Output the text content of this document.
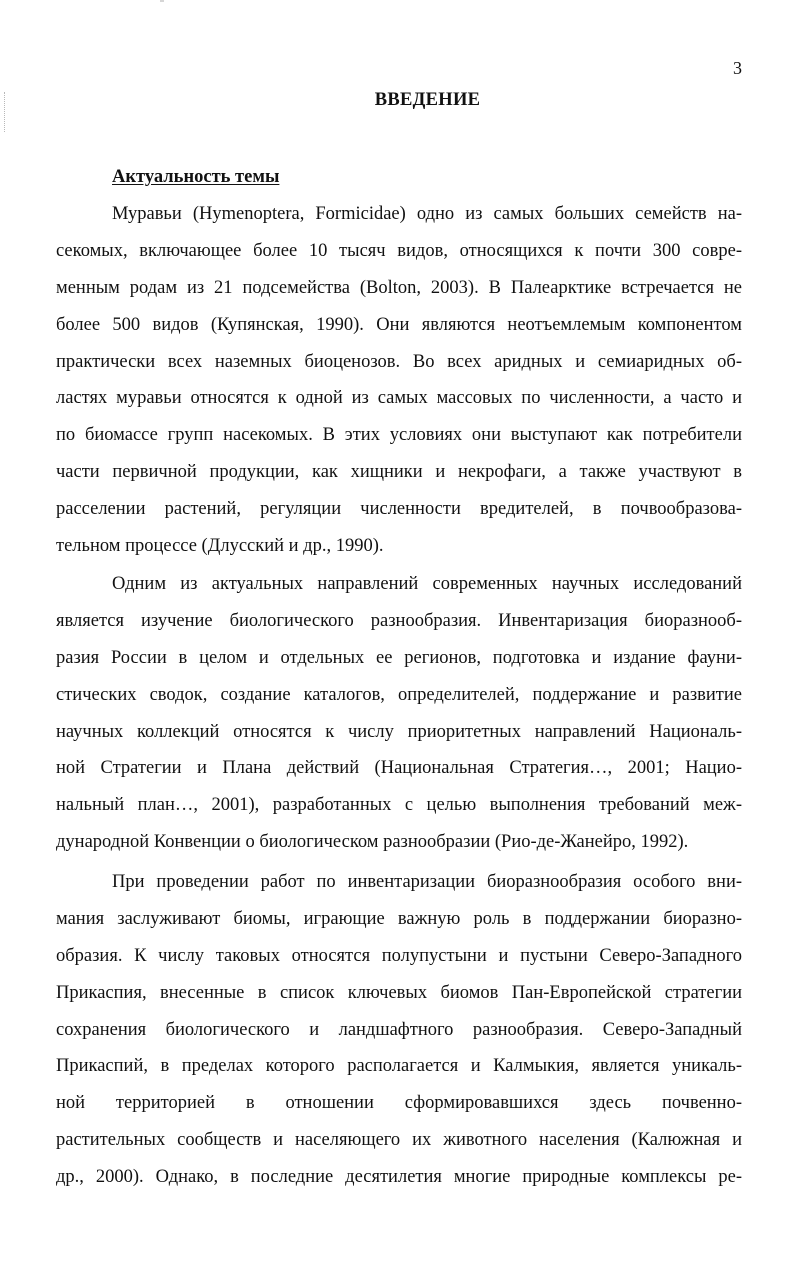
3
ВВЕДЕНИЕ
Актуальность темы
Муравьи (Hymenoptera, Formicidae) одно из самых больших семейств на-
секомых, включающее более 10 тысяч видов, относящихся к почти 300 совре-
менным родам из 21 подсемейства (Bolton, 2003). В Палеарктике встречается не
более 500 видов (Купянская, 1990). Они являются неотъемлемым компонентом
практически всех наземных биоценозов. Во всех аридных и семиаридных об-
ластях муравьи относятся к одной из самых массовых по численности, а часто и
по биомассе групп насекомых. В этих условиях они выступают как потребители
части первичной продукции, как хищники и некрофаги, а также участвуют в
расселении растений, регуляции численности вредителей, в почвообразова-
тельном процессе (Длусский и др., 1990).
Одним из актуальных направлений современных научных исследований
является изучение биологического разнообразия. Инвентаризация биоразнооб-
разия России в целом и отдельных ее регионов, подготовка и издание фауни-
стических сводок, создание каталогов, определителей, поддержание и развитие
научных коллекций относятся к числу приоритетных направлений Националь-
ной Стратегии и Плана действий (Национальная Стратегия…, 2001; Нацио-
нальный план…, 2001), разработанных с целью выполнения требований меж-
дународной Конвенции о биологическом разнообразии (Рио-де-Жанейро, 1992).
При проведении работ по инвентаризации биоразнообразия особого вни-
мания заслуживают биомы, играющие важную роль в поддержании биоразно-
образия. К числу таковых относятся полупустыни и пустыни Северо-Западного
Прикаспия, внесенные в список ключевых биомов Пан-Европейской стратегии
сохранения биологического и ландшафтного разнообразия. Северо-Западный
Прикаспий, в пределах которого располагается и Калмыкия, является уникаль-
ной территорией в отношении сформировавшихся здесь почвенно-
растительных сообществ и населяющего их животного населения (Калюжная и
др., 2000). Однако, в последние десятилетия многие природные комплексы ре-
